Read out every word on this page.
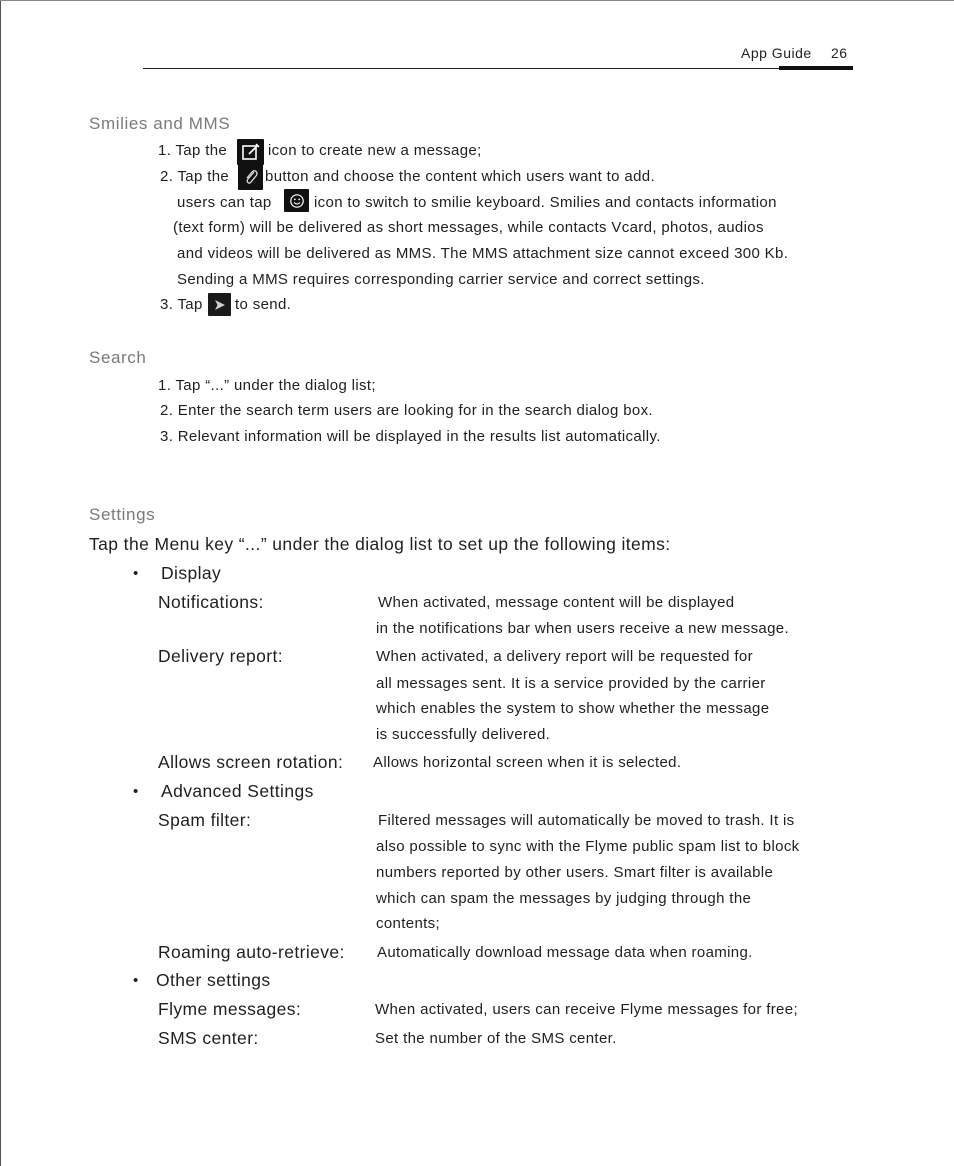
App Guide 26
Smilies and MMS
1. Tap the	icon to create new a message;
2. Tap the button and choose the content which users want to add.
users can tap	icon to switch to smilie keyboard. Smilies and contacts information
(text form) will be delivered as short messages, while contacts Vcard, photos, audios
and videos will be delivered as MMS. The MMS attachment size cannot exceed 300 Kb.
Sending a MMS requires corresponding carrier service and correct settings.
3. Tap to send.
Search
1. Tap “...” under the dialog list;
2. Enter the search term users are looking for in the search dialog box.
3. Relevant information will be displayed in the results list automatically.
Settings
Tap the Menu key “...” under the dialog list to set up the following items:
• Display
Notifications:	When activated, message content will be displayed
in the notifications bar when users receive a new message.
Delivery report:	When activated, a delivery report will be requested for
all messages sent. It is a service provided by the carrier
which enables the system to show whether the message
is successfully delivered.
Allows screen rotation: Allows horizontal screen when it is selected.
• Advanced Settings
Spam filter:	Filtered messages will automatically be moved to trash. It is
also possible to sync with the Flyme public spam list to block
numbers reported by other users. Smart filter is available
which can spam the messages by judging through the
contents;
Roaming auto-retrieve: Automatically download message data when roaming.
• Other settings
Flyme messages:	When activated, users can receive Flyme messages for free;
SMS center:	Set the number of the SMS center.
